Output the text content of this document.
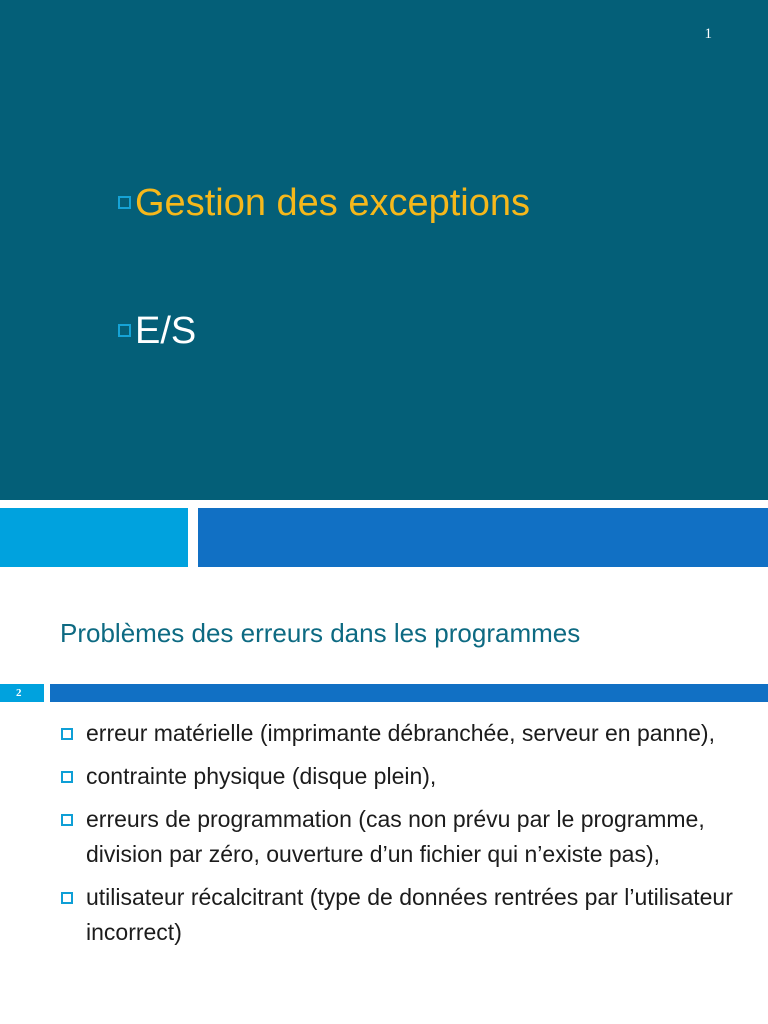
1
Gestion des exceptions
E/S
Problèmes des erreurs dans les programmes
2
erreur matérielle (imprimante débranchée, serveur en panne),
contrainte physique (disque plein),
erreurs de programmation (cas non prévu par le programme, division par zéro, ouverture d’un fichier qui n’existe pas),
utilisateur récalcitrant (type de données rentrées par l’utilisateur incorrect)
